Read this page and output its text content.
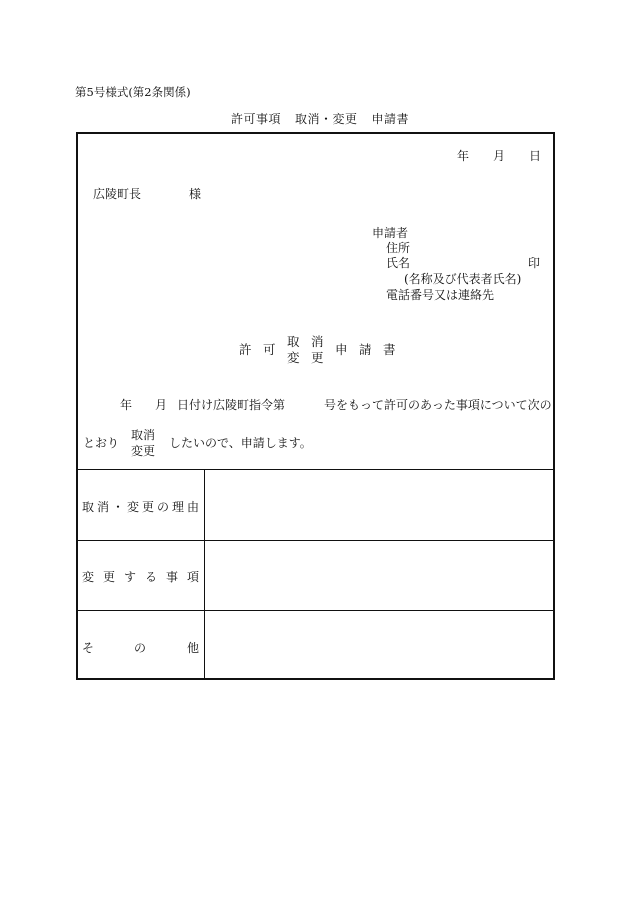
第5号様式(第2条関係)
許可事項 取消・変更 申請書
年 月 日
広陵町長	様
申請者
住所
氏名	印
(名称及び代表者氏名)
電話番号又は連絡先
許 可
取 消
変 更
申 請 書
年 月 日付け広陵町指令第	号をもって許可のあった事項について次の
とおり
取消
変更
したいので、申請します。
取 消 ・ 変 更 の 理 由
変 更 す る 事 項
そ	の	他
